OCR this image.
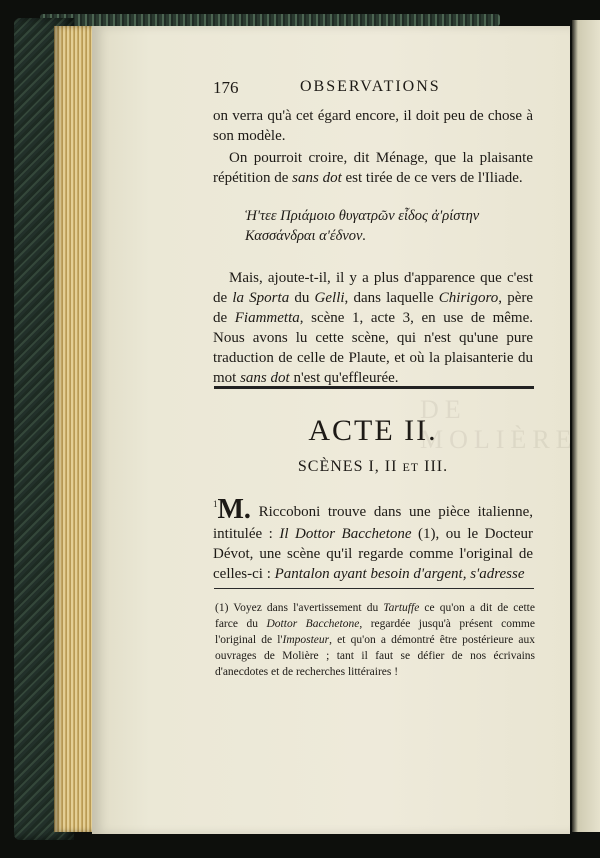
DE MOLIÈRE
176	OBSERVATIONS

on verra qu'à cet égard encore, il doit peu de chose à son modèle.

On pourroit croire, dit Ménage, que la plaisante répétition de sans dot est tirée de ce vers de l'Iliade.

Ἡ'τεε Πριάμοιο θυγατρῶν εἶδος ἀ'ρίστην
Κασσάνδραι α'έδνον.

Mais, ajoute-t-il, il y a plus d'apparence que c'est de la Sporta du Gelli, dans laquelle Chirigoro, père de Fiammetta, scène 1, acte 3, en use de même. Nous avons lu cette scène, qui n'est qu'une pure traduction de celle de Plaute, et où la plaisanterie du mot sans dot n'est qu'effleurée.

ACTE II.
SCÈNES I, II ET III.

$^1$M. Riccoboni trouve dans une pièce italienne, intitulée : Il Dottor Bacchetone (1), ou le Docteur Dévot, une scène qu'il regarde comme l'original de celles-ci : Pantalon ayant besoin d'argent, s'adresse

(1) Voyez dans l'avertissement du Tartuffe ce qu'on a dit de cette farce du Dottor Bacchetone, regardée jusqu'à présent comme l'original de l'Imposteur, et qu'on a démontré être postérieure aux ouvrages de Molière ; tant il faut se défier de nos écrivains d'anecdotes et de recherches littéraires !
